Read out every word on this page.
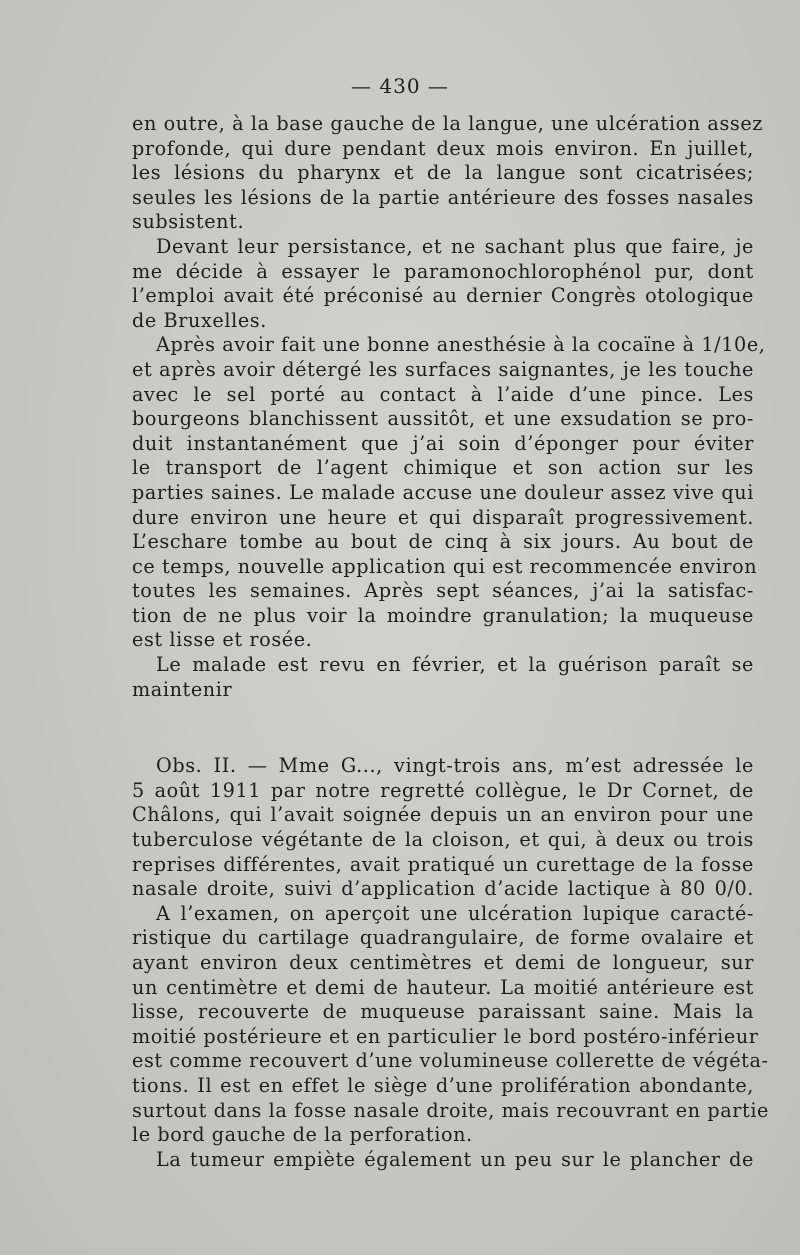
— 430 —
en outre, à la base gauche de la langue, une ulcération assez
profonde, qui dure pendant deux mois environ. En juillet,
les lésions du pharynx et de la langue sont cicatrisées;
seules les lésions de la partie antérieure des fosses nasales
subsistent.
Devant leur persistance, et ne sachant plus que faire, je
me décide à essayer le paramonochlorophénol pur, dont
l’emploi avait été préconisé au dernier Congrès otologique
de Bruxelles.
Après avoir fait une bonne anesthésie à la cocaïne à 1/10e,
et après avoir détergé les surfaces saignantes, je les touche
avec le sel porté au contact à l’aide d’une pince. Les
bourgeons blanchissent aussitôt, et une exsudation se pro-
duit instantanément que j’ai soin d’éponger pour éviter
le transport de l’agent chimique et son action sur les
parties saines. Le malade accuse une douleur assez vive qui
dure environ une heure et qui disparaît progressivement.
L’eschare tombe au bout de cinq à six jours. Au bout de
ce temps, nouvelle application qui est recommencée environ
toutes les semaines. Après sept séances, j’ai la satisfac-
tion de ne plus voir la moindre granulation; la muqueuse
est lisse et rosée.
Le malade est revu en février, et la guérison paraît se
maintenir
Obs. II. — Mme G..., vingt-trois ans, m’est adressée le
5 août 1911 par notre regretté collègue, le Dr Cornet, de
Châlons, qui l’avait soignée depuis un an environ pour une
tuberculose végétante de la cloison, et qui, à deux ou trois
reprises différentes, avait pratiqué un curettage de la fosse
nasale droite, suivi d’application d’acide lactique à 80 0/0.
A l’examen, on aperçoit une ulcération lupique caracté-
ristique du cartilage quadrangulaire, de forme ovalaire et
ayant environ deux centimètres et demi de longueur, sur
un centimètre et demi de hauteur. La moitié antérieure est
lisse, recouverte de muqueuse paraissant saine. Mais la
moitié postérieure et en particulier le bord postéro-inférieur
est comme recouvert d’une volumineuse collerette de végéta-
tions. Il est en effet le siège d’une prolifération abondante,
surtout dans la fosse nasale droite, mais recouvrant en partie
le bord gauche de la perforation.
La tumeur empiète également un peu sur le plancher de
